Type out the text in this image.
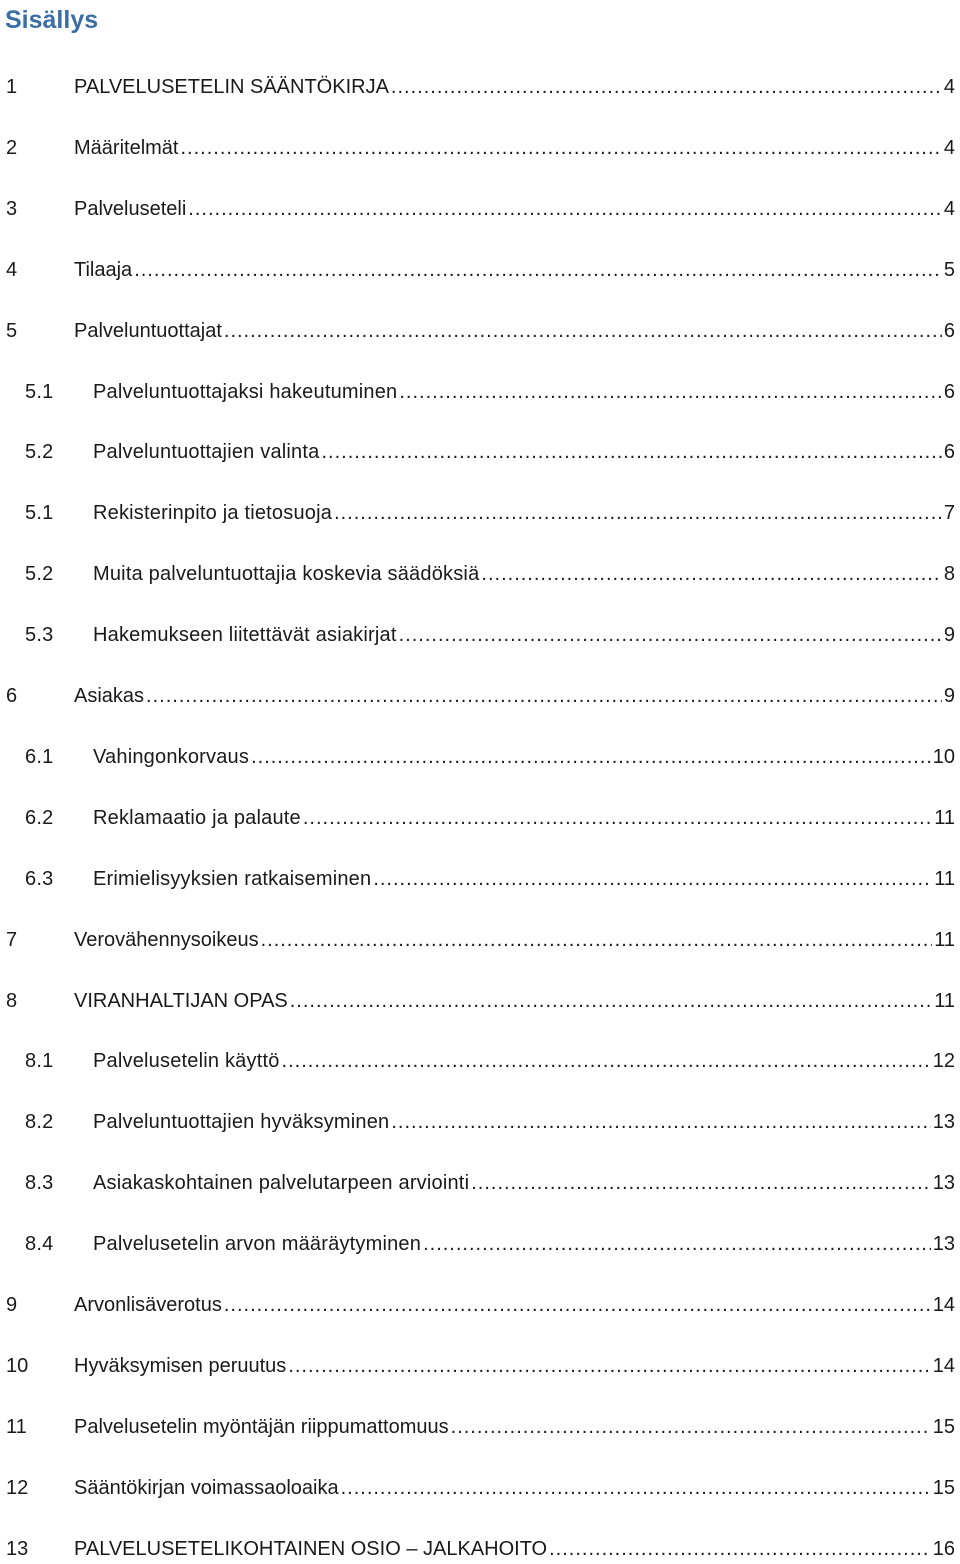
Sisällys
1	PALVELUSETELIN SÄÄNTÖKIRJA .....	4
2	Määritelmät .....	4
3	Palveluseteli .....	4
4	Tilaaja .....	5
5	Palveluntuottajat .....	6
5.1	Palveluntuottajaksi hakeutuminen .....	6
5.2	Palveluntuottajien valinta .....	6
5.1	Rekisterinpito ja tietosuoja .....	7
5.2	Muita palveluntuottajia koskevia säädöksiä .....	8
5.3	Hakemukseen liitettävät asiakirjat .....	9
6	Asiakas .....	9
6.1	Vahingonkorvaus .....	10
6.2	Reklamaatio ja palaute .....	11
6.3	Erimielisyyksien ratkaiseminen .....	11
7	Verovähennysoikeus .....	11
8	VIRANHALTIJAN OPAS .....	11
8.1	Palvelusetelin käyttö .....	12
8.2	Palveluntuottajien hyväksyminen .....	13
8.3	Asiakaskohtainen palvelutarpeen arviointi .....	13
8.4	Palvelusetelin arvon määräytyminen .....	13
9	Arvonlisäverotus .....	14
10	Hyväksymisen peruutus .....	14
11	Palvelusetelin myöntäjän riippumattomuus .....	15
12	Sääntökirjan voimassaoloaika .....	15
13	PALVELUSETELIKOHTAINEN OSIO – JALKAHOITO .....	16
